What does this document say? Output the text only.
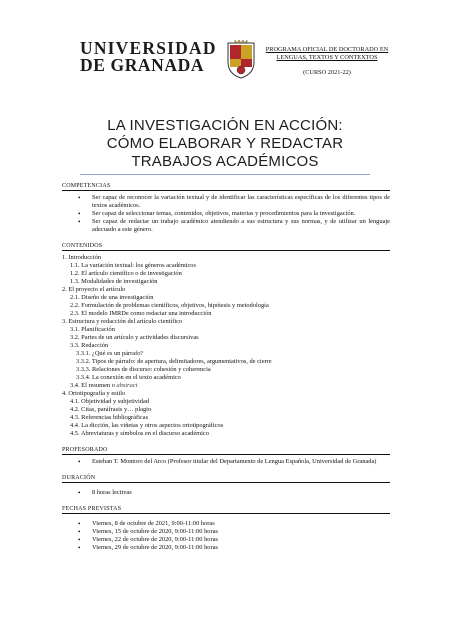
UNIVERSIDAD
DE GRANADA
PROGRAMA OFICIAL DE DOCTORADO EN LENGUAS, TEXTOS Y CONTEXTOS
(CURSO 2021-22)
LA INVESTIGACIÓN EN ACCIÓN:
CÓMO ELABORAR Y REDACTAR
TRABAJOS ACADÉMICOS
COMPETENCIAS
• Ser capaz de reconocer la variación textual y de identificar las características específicas de los diferentes tipos de textos académicos.
• Ser capaz de seleccionar temas, contenidos, objetivos, materias y procedimientos para la investigación.
• Ser capaz de redactar un trabajo académico atendiendo a sus estructura y sus normas, y de utilizar un lenguaje adecuado a este género.
CONTENIDOS
1. Introducción
1.1. La variación textual: los géneros académicos
1.2. El artículo científico o de investigación
1.3. Modalidades de investigación
2. El proyecto el artículo
2.1. Diseño de una investigación
2.2. Formulación de problemas científicos, objetivos, hipótesis y metodología
2.3. El modelo IMRDe como redactar una introducción
3. Estructura y redacción del artículo científico
3.1. Planificación
3.2. Partes de un artículo y actividades discursivas
3.3. Redacción
3.3.1. ¿Qué es un párrafo?
3.3.2. Tipos de párrafo: de apertura, delimitadores, argumentativos, de cierre
3.3.3. Relaciones de discurso: cohesión y coherencia
3.3.4. La conexión en el texto académico
3.4. El resumen o abstract
4. Ortotipografía y estilo
4.1. Objetividad y subjetividad
4.2. Citas, paráfrasis y… plagio
4.3. Referencias bibliográficas
4.4. La dicción, las viñetas y otros aspectos ortotipográficos
4.5. Abreviaturas y símbolos en el discurso académico
PROFESORADO
• Esteban T. Montoro del Arco (Profesor titular del Departamento de Lengua Española, Universidad de Granada)
DURACIÓN
• 8 horas lectivas
FECHAS PREVISTAS
• Viernes, 8 de octubre de 2021, 9:00-11:00 horas
• Viernes, 15 de octubre de 2020, 9:00-11:00 horas
• Viernes, 22 de octubre de 2020, 9:00-11:00 horas
• Viernes, 29 de octubre de 2020, 9:00-11:00 horas
